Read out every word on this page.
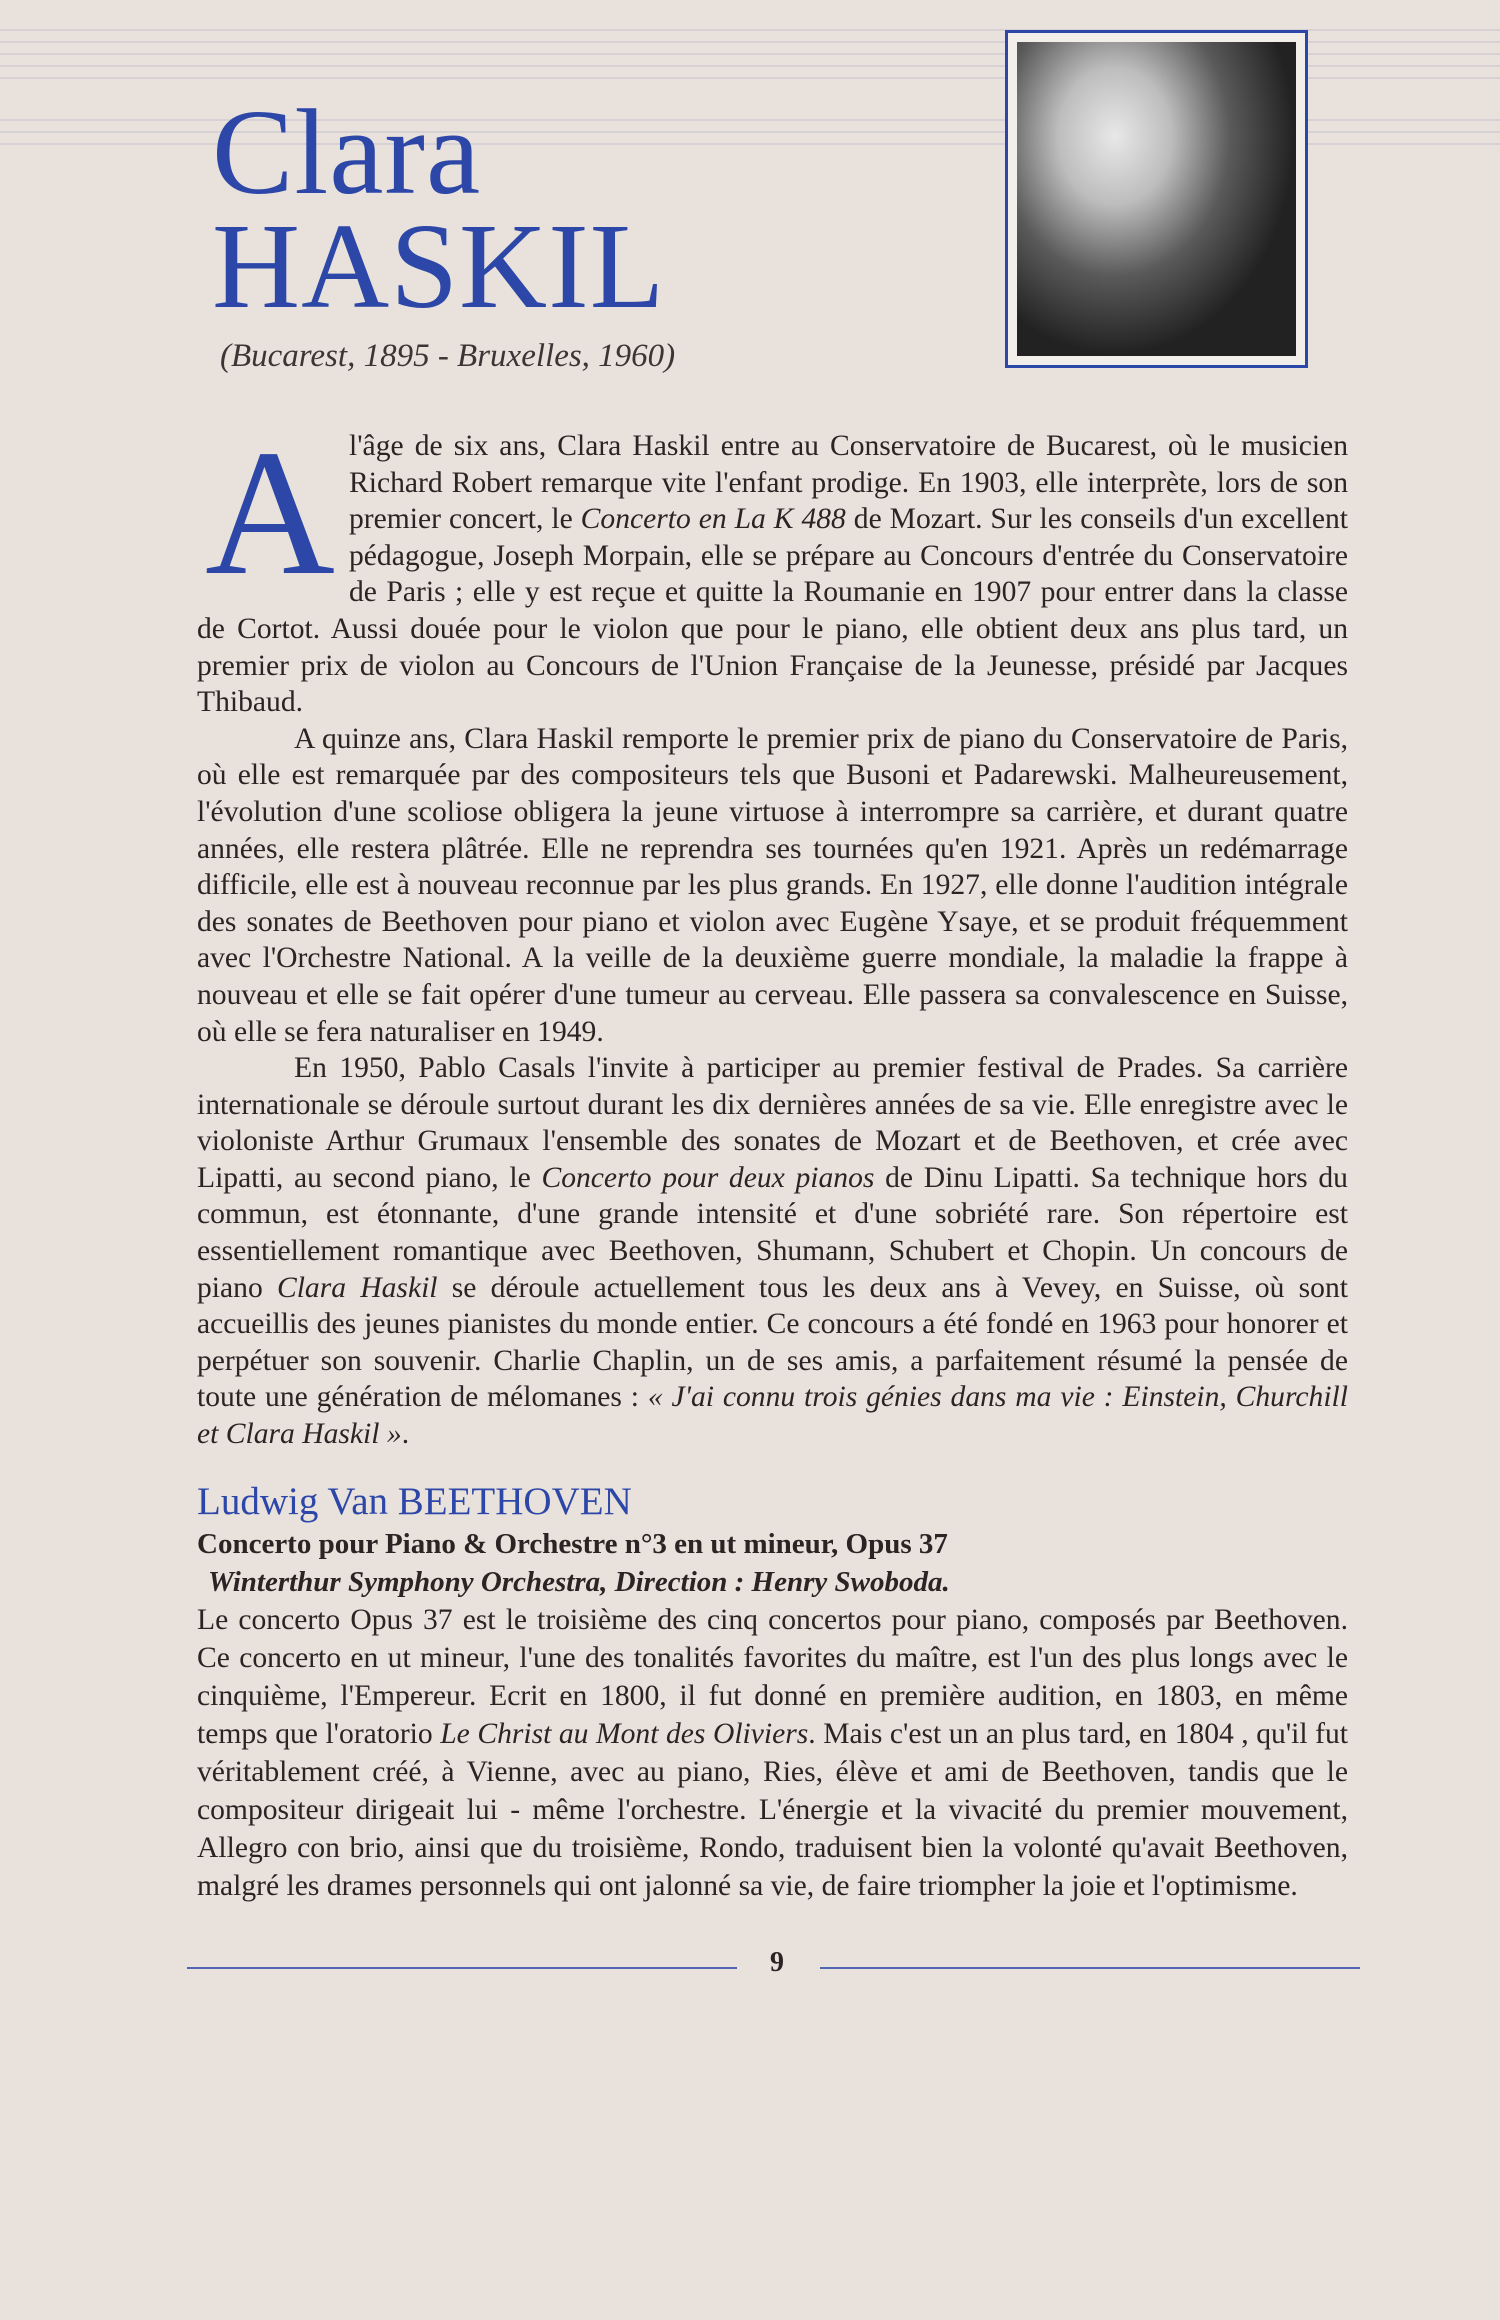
Clara
HASKIL
(Bucarest, 1895 - Bruxelles, 1960)

Al'âge de six ans, Clara Haskil entre au Conservatoire de Bucarest, où le musicien Richard Robert remarque vite l'enfant prodige. En 1903, elle interprète, lors de son premier concert, le Concerto en La K 488 de Mozart. Sur les conseils d'un excellent pédagogue, Joseph Morpain, elle se prépare au Concours d'entrée du Conservatoire de Paris ; elle y est reçue et quitte la Roumanie en 1907 pour entrer dans la classe de Cortot. Aussi douée pour le violon que pour le piano, elle obtient deux ans plus tard, un premier prix de violon au Concours de l'Union Française de la Jeunesse, présidé par Jacques Thibaud.

A quinze ans, Clara Haskil remporte le premier prix de piano du Conservatoire de Paris, où elle est remarquée par des compositeurs tels que Busoni et Padarewski. Malheureusement, l'évolution d'une scoliose obligera la jeune virtuose à interrompre sa carrière, et durant quatre années, elle restera plâtrée. Elle ne reprendra ses tournées qu'en 1921. Après un redémarrage difficile, elle est à nouveau reconnue par les plus grands. En 1927, elle donne l'audition intégrale des sonates de Beethoven pour piano et violon avec Eugène Ysaye, et se produit fréquemment avec l'Orchestre National. A la veille de la deuxième guerre mondiale, la maladie la frappe à nouveau et elle se fait opérer d'une tumeur au cerveau. Elle passera sa convalescence en Suisse, où elle se fera naturaliser en 1949.

En 1950, Pablo Casals l'invite à participer au premier festival de Prades. Sa carrière internationale se déroule surtout durant les dix dernières années de sa vie. Elle enregistre avec le violoniste Arthur Grumaux l'ensemble des sonates de Mozart et de Beethoven, et crée avec Lipatti, au second piano, le Concerto pour deux pianos de Dinu Lipatti. Sa technique hors du commun, est étonnante, d'une grande intensité et d'une sobriété rare. Son répertoire est essentiellement romantique avec Beethoven, Shumann, Schubert et Chopin. Un concours de piano Clara Haskil se déroule actuellement tous les deux ans à Vevey, en Suisse, où sont accueillis des jeunes pianistes du monde entier. Ce concours a été fondé en 1963 pour honorer et perpétuer son souvenir. Charlie Chaplin, un de ses amis, a parfaitement résumé la pensée de toute une génération de mélomanes : « J'ai connu trois génies dans ma vie : Einstein, Churchill et Clara Haskil ».

Ludwig Van BEETHOVEN
Concerto pour Piano & Orchestre n°3 en ut mineur, Opus 37
Winterthur Symphony Orchestra, Direction : Henry Swoboda.
Le concerto Opus 37 est le troisième des cinq concertos pour piano, composés par Beethoven. Ce concerto en ut mineur, l'une des tonalités favorites du maître, est l'un des plus longs avec le cinquième, l'Empereur. Ecrit en 1800, il fut donné en première audition, en 1803, en même temps que l'oratorio Le Christ au Mont des Oliviers. Mais c'est un an plus tard, en 1804 , qu'il fut véritablement créé, à Vienne, avec au piano, Ries, élève et ami de Beethoven, tandis que le compositeur dirigeait lui - même l'orchestre. L'énergie et la vivacité du premier mouvement, Allegro con brio, ainsi que du troisième, Rondo, traduisent bien la volonté qu'avait Beethoven, malgré les drames personnels qui ont jalonné sa vie, de faire triompher la joie et l'optimisme.
9
